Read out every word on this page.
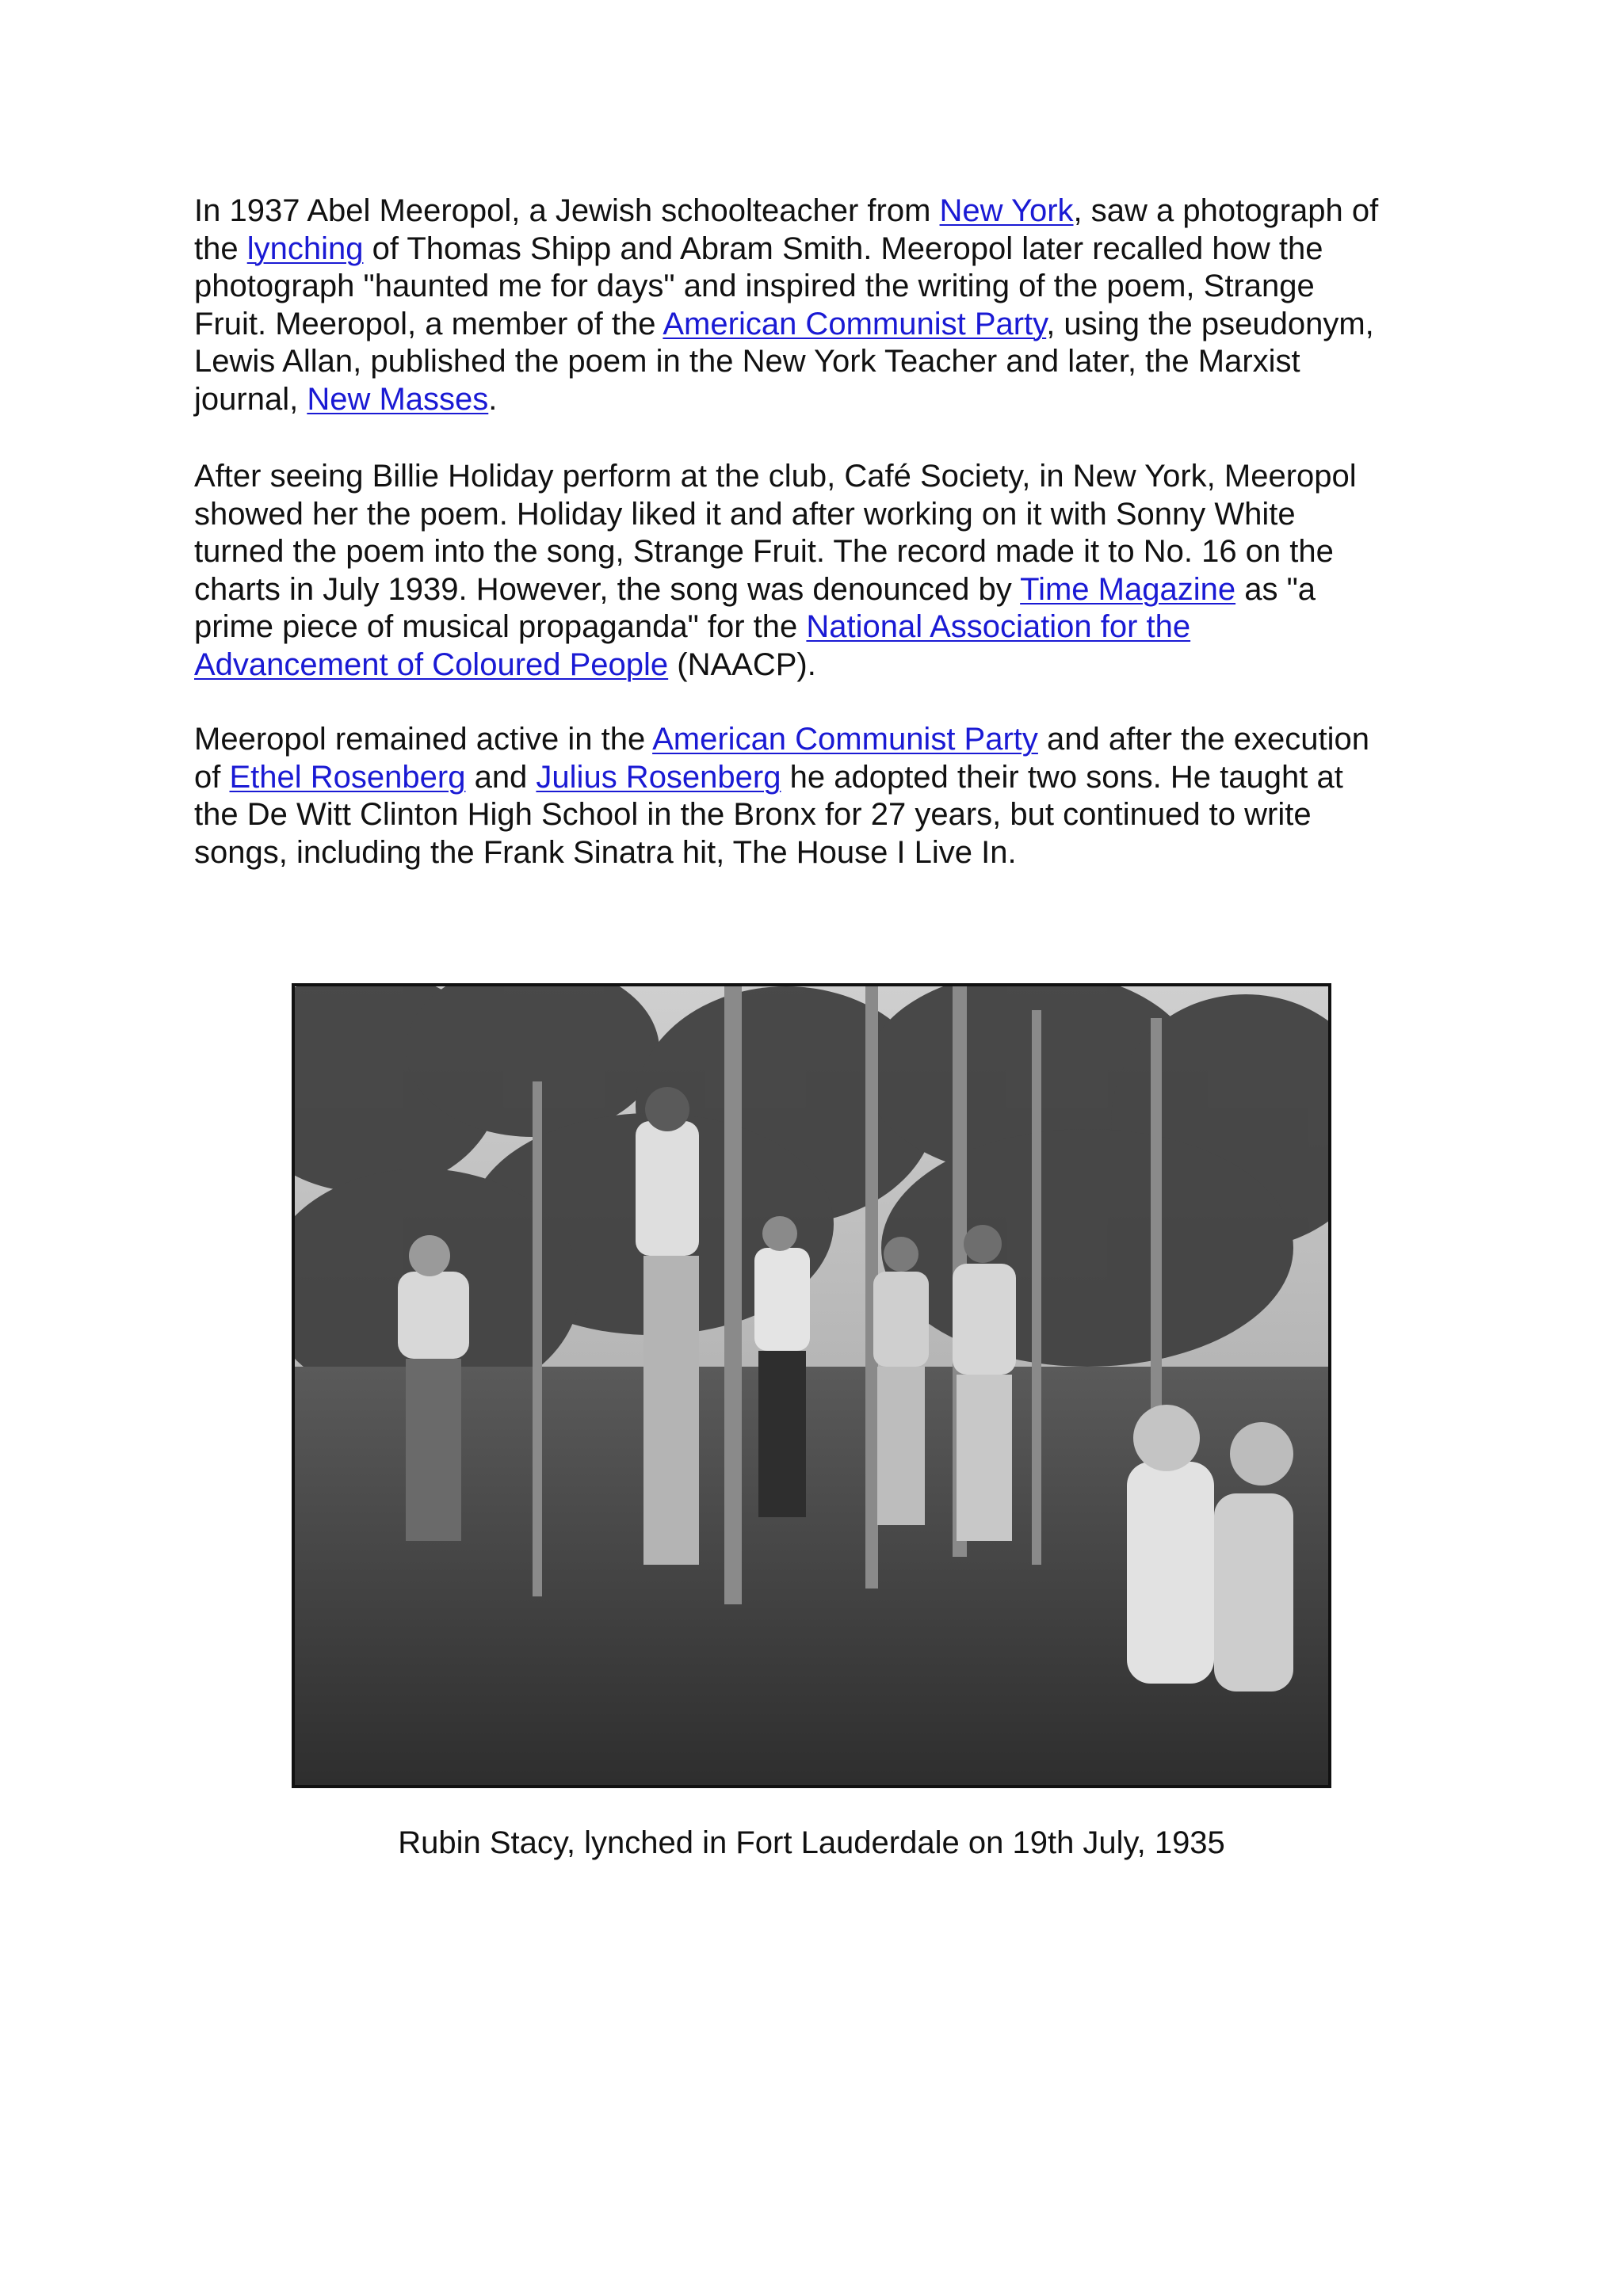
In 1937 Abel Meeropol, a Jewish schoolteacher from New York, saw a photograph of
the lynching of Thomas Shipp and Abram Smith. Meeropol later recalled how the
photograph "haunted me for days" and inspired the writing of the poem, Strange
Fruit. Meeropol, a member of the American Communist Party, using the pseudonym,
Lewis Allan, published the poem in the New York Teacher and later, the Marxist
journal, New Masses.

After seeing Billie Holiday perform at the club, Café Society, in New York, Meeropol
showed her the poem. Holiday liked it and after working on it with Sonny White
turned the poem into the song, Strange Fruit. The record made it to No. 16 on the
charts in July 1939. However, the song was denounced by Time Magazine as "a
prime piece of musical propaganda" for the National Association for the
Advancement of Coloured People (NAACP).

Meeropol remained active in the American Communist Party and after the execution
of Ethel Rosenberg and Julius Rosenberg he adopted their two sons. He taught at
the De Witt Clinton High School in the Bronx for 27 years, but continued to write
songs, including the Frank Sinatra hit, The House I Live In.

Rubin Stacy, lynched in Fort Lauderdale on 19th July, 1935
